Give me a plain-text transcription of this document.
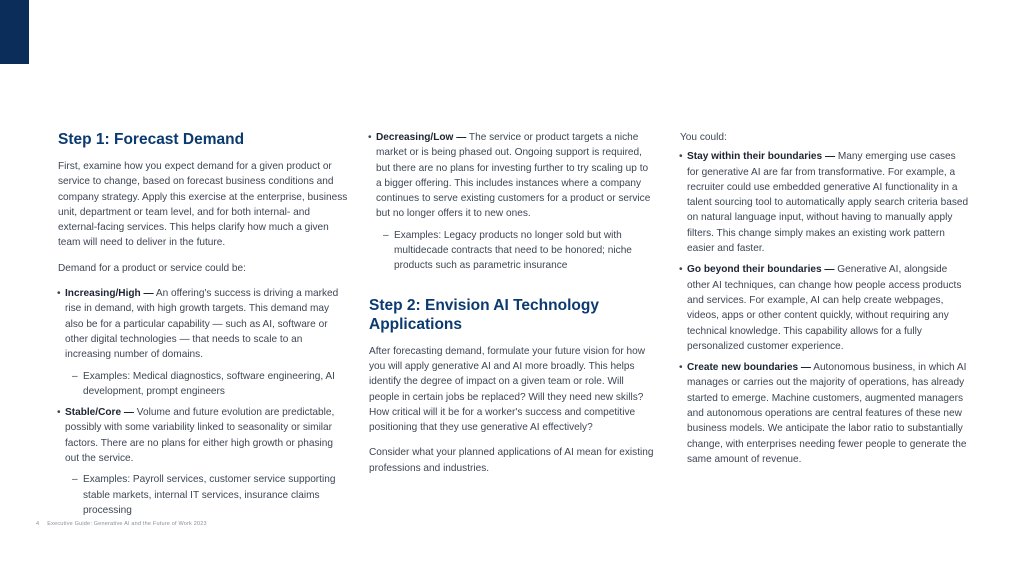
Step 1: Forecast Demand

First, examine how you expect demand for a given product or service to change, based on forecast business conditions and company strategy. Apply this exercise at the enterprise, business unit, department or team level, and for both internal- and external-facing services. This helps clarify how much a given team will need to deliver in the future.

Demand for a product or service could be:

• Increasing/High — An offering's success is driving a marked rise in demand, with high growth targets. This demand may also be for a particular capability — such as AI, software or other digital technologies — that needs to scale to an increasing number of domains.
– Examples: Medical diagnostics, software engineering, AI development, prompt engineers
• Stable/Core — Volume and future evolution are predictable, possibly with some variability linked to seasonality or similar factors. There are no plans for either high growth or phasing out the service.
– Examples: Payroll services, customer service supporting stable markets, internal IT services, insurance claims processing
• Decreasing/Low — The service or product targets a niche market or is being phased out. Ongoing support is required, but there are no plans for investing further to try scaling up to a bigger offering. This includes instances where a company continues to serve existing customers for a product or service but no longer offers it to new ones.
– Examples: Legacy products no longer sold but with multidecade contracts that need to be honored; niche products such as parametric insurance
Step 2: Envision AI Technology Applications

After forecasting demand, formulate your future vision for how you will apply generative AI and AI more broadly. This helps identify the degree of impact on a given team or role. Will people in certain jobs be replaced? Will they need new skills? How critical will it be for a worker's success and competitive positioning that they use generative AI effectively?

Consider what your planned applications of AI mean for existing professions and industries.

You could:

• Stay within their boundaries — Many emerging use cases for generative AI are far from transformative. For example, a recruiter could use embedded generative AI functionality in a talent sourcing tool to automatically apply search criteria based on natural language input, without having to manually apply filters. This change simply makes an existing work pattern easier and faster.
• Go beyond their boundaries — Generative AI, alongside other AI techniques, can change how people access products and services. For example, AI can help create webpages, videos, apps or other content quickly, without requiring any technical knowledge. This capability allows for a fully personalized customer experience.
• Create new boundaries — Autonomous business, in which AI manages or carries out the majority of operations, has already started to emerge. Machine customers, augmented managers and autonomous operations are central features of these new business models. We anticipate the labor ratio to substantially change, with enterprises needing fewer people to generate the same amount of revenue.
4 Executive Guide: Generative AI and the Future of Work 2023
